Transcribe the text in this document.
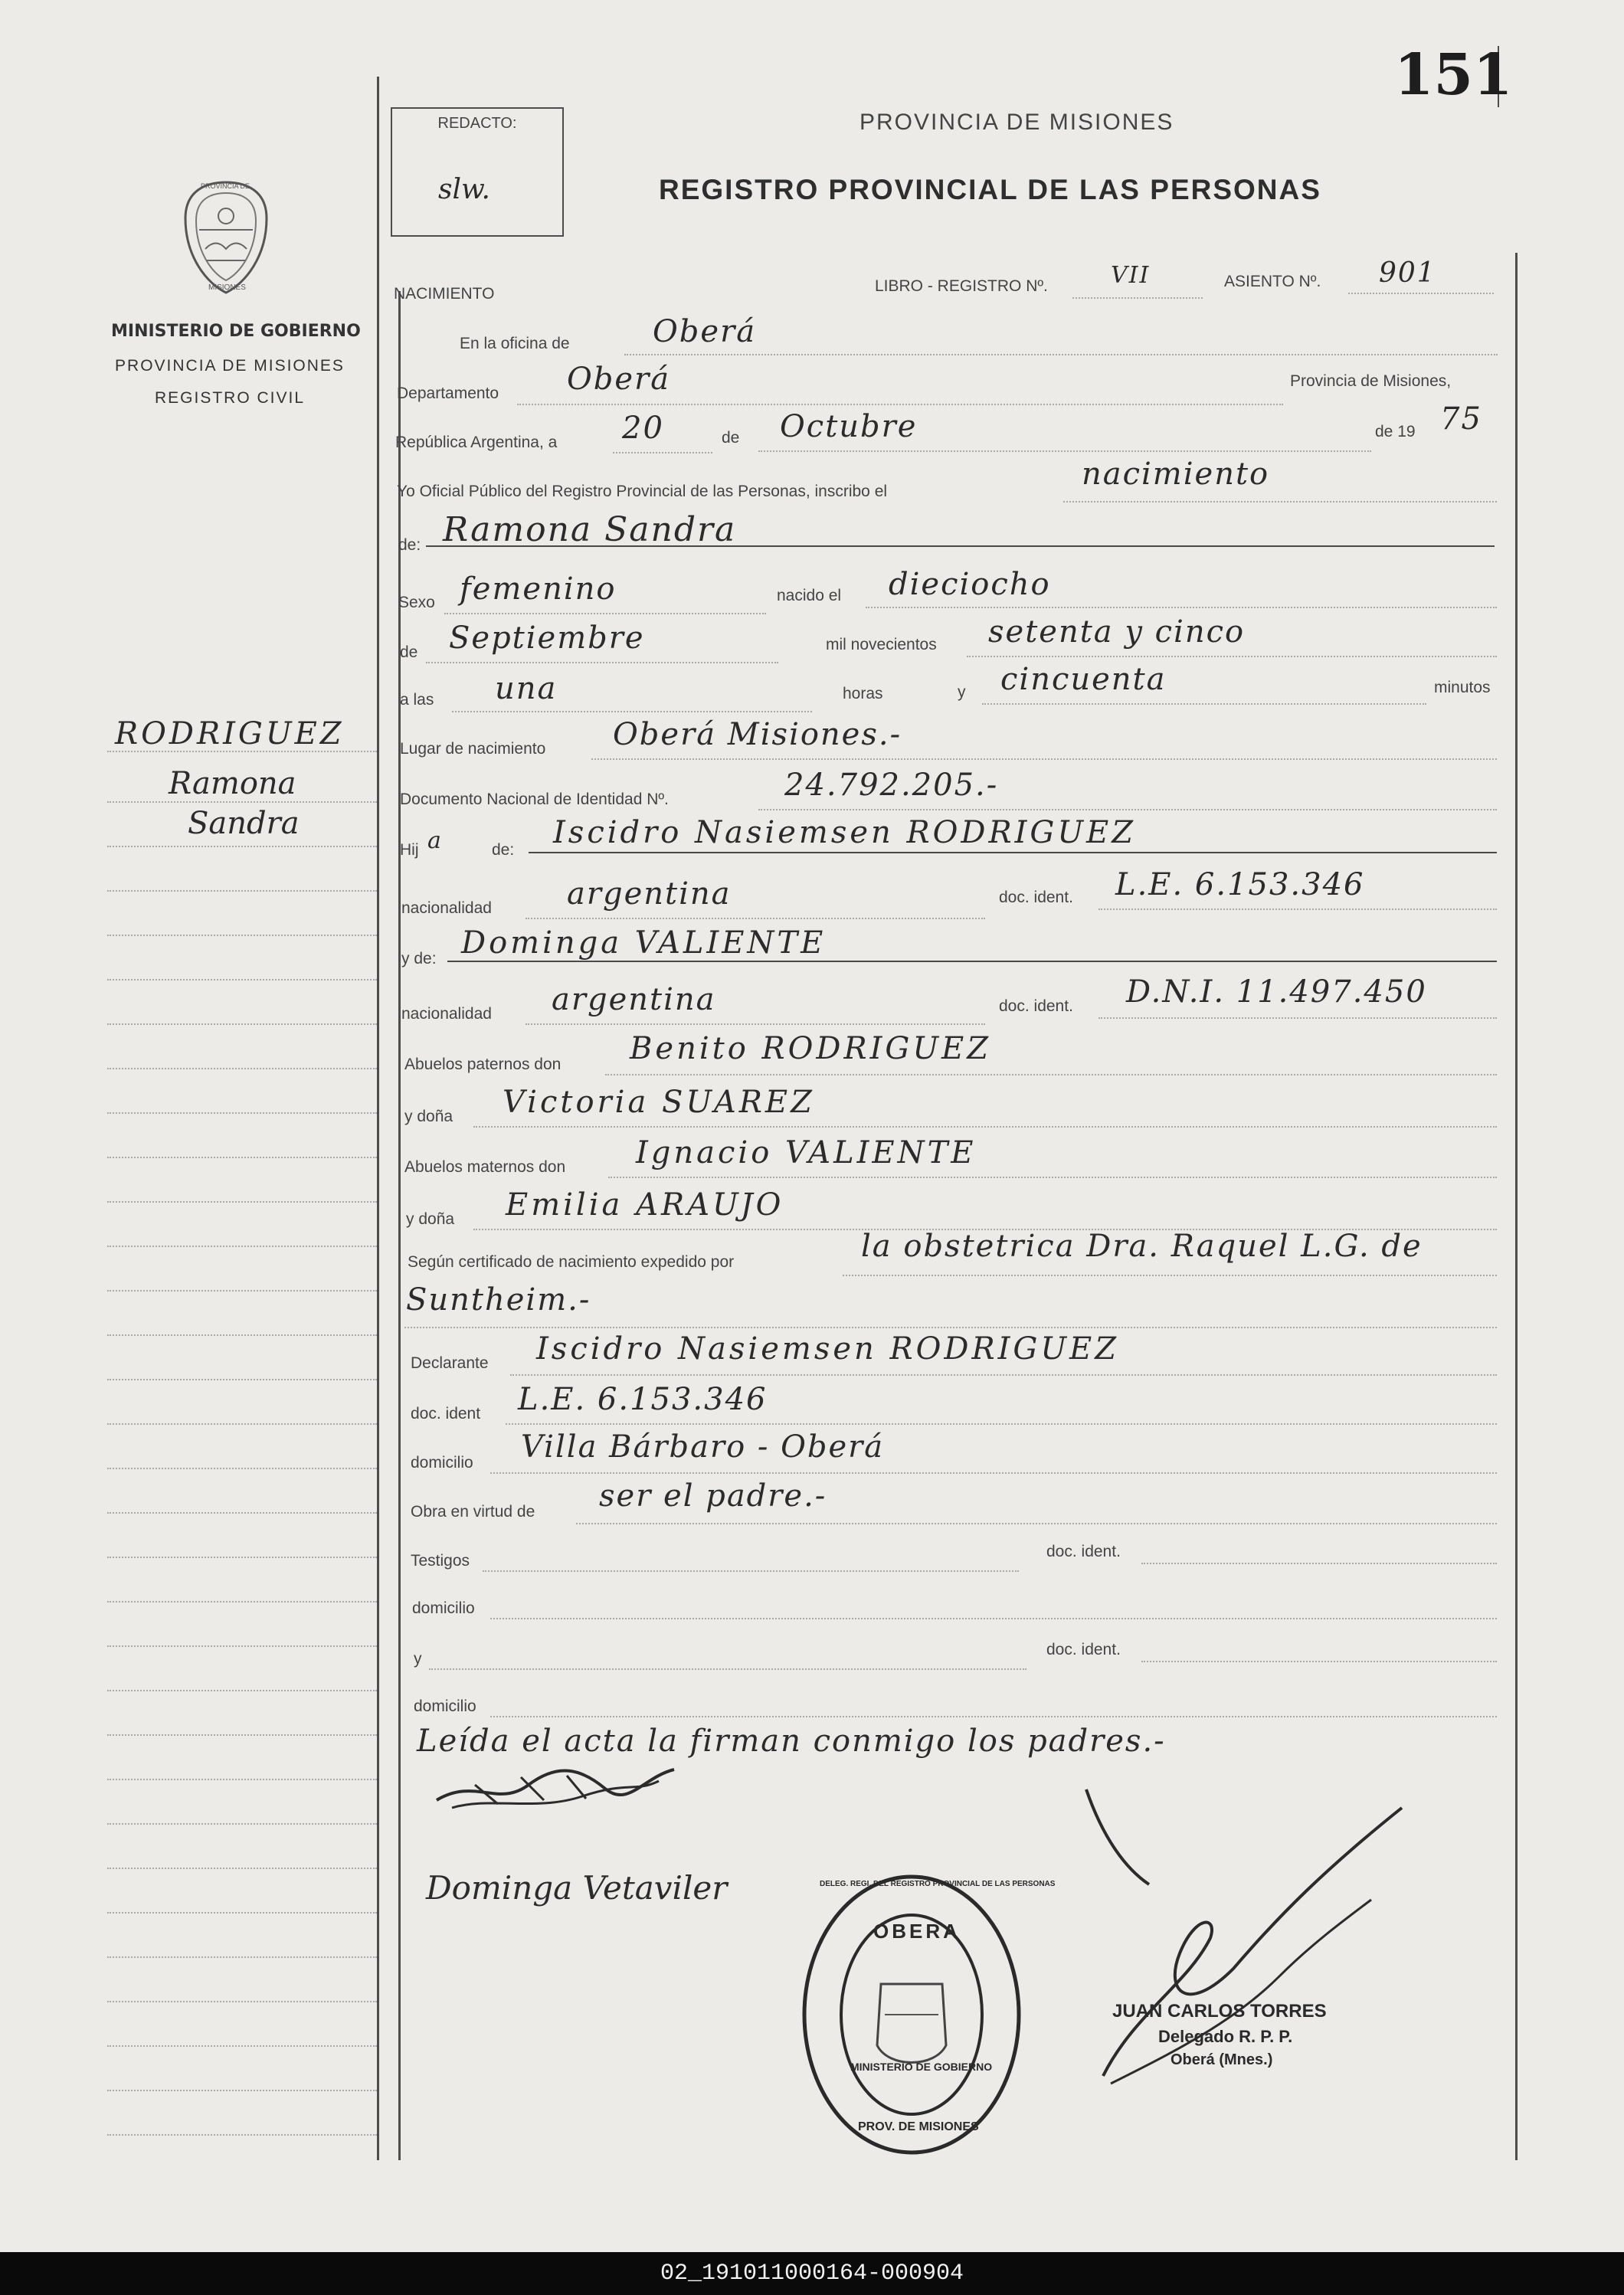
151
REDACTO:
slw.
PROVINCIA DE MISIONES
REGISTRO PROVINCIAL DE LAS PERSONAS
PROVINCIA DE
MISIONES
MINISTERIO DE GOBIERNO
PROVINCIA DE MISIONES
REGISTRO CIVIL
RODRIGUEZ
Ramona
Sandra
NACIMIENTO	LIBRO - REGISTRO Nº.	VII	ASIENTO Nº. 901
En la oficina de	Oberá
Departamento Oberá	Provincia de Misiones,
República Argentina, a 20	de Octubre	de 19 75
Yo Oficial Público del Registro Provincial de las Personas, inscribo el	nacimiento
de: Ramona Sandra
Sexo femenino	nacido el dieciocho
de Septiembre	mil novecientos setenta y cinco
a las una	horas	y cincuenta	minutos
Lugar de nacimiento Oberá Misiones.-
Documento Nacional de Identidad Nº.	24.792.205.-
Hij a	de: Iscidro Nasiemsen RODRIGUEZ
nacionalidad argentina	doc. ident. L.E. 6.153.346
y de: Dominga VALIENTE
nacionalidad argentina	doc. ident. D.N.I. 11.497.450
Abuelos paternos don Benito RODRIGUEZ
y doña Victoria SUAREZ
Abuelos maternos don Ignacio VALIENTE
y doña Emilia ARAUJO
Según certificado de nacimiento expedido por	la obstetrica Dra. Raquel L.G. de
Suntheim.-
Declarante Iscidro Nasiemsen RODRIGUEZ
doc. ident L.E. 6.153.346
domicilio Villa Bárbaro - Oberá
Obra en virtud de ser el padre.-
Testigos
doc. ident.
domicilio
y
doc. ident.
domicilio
Leída el acta la firman conmigo los padres.-
Dominga Vetaviler
OBERA
DELEG. REGI. DEL REGISTRO PROVINCIAL DE LAS PERSONAS
MINISTERIO DE GOBIERNO
PROV. DE MISIONES
JUAN CARLOS TORRES
Delegado R. P. P.
Oberá (Mnes.)
02_191011000164-000904
